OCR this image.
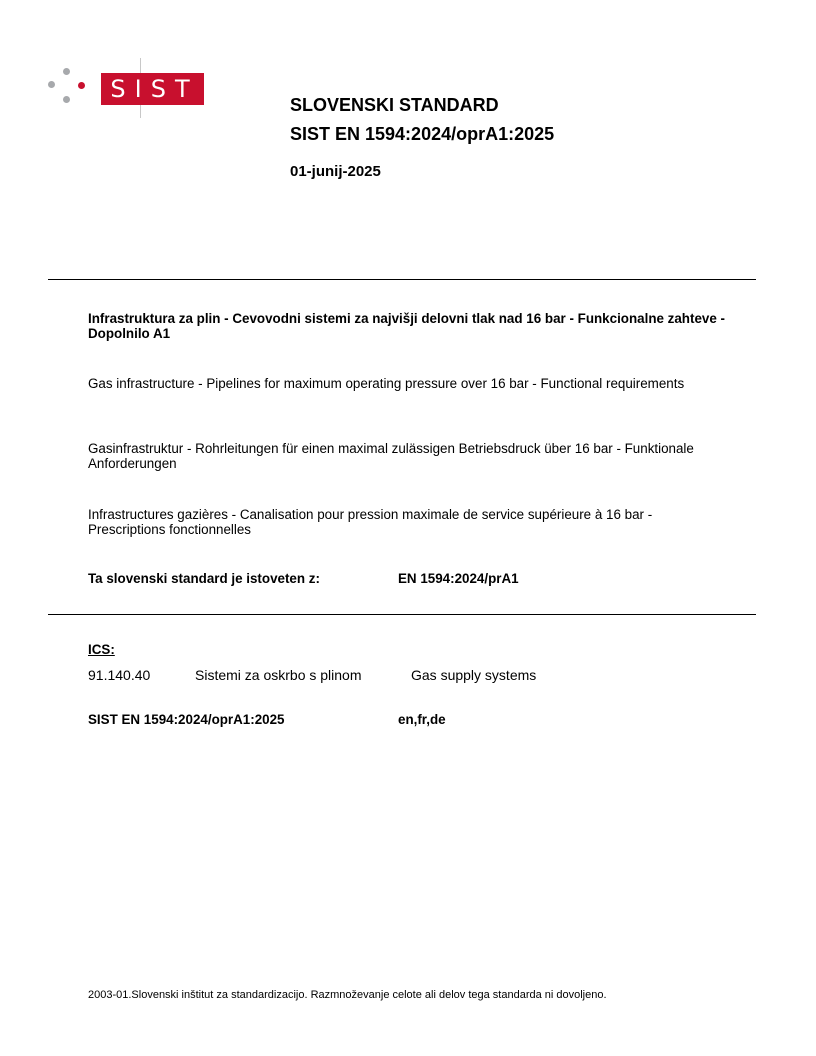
SIST
SLOVENSKI STANDARD
SIST EN 1594:2024/oprA1:2025
01-junij-2025
Infrastruktura za plin - Cevovodni sistemi za najvišji delovni tlak nad 16 bar - Funkcionalne zahteve - Dopolnilo A1
Gas infrastructure - Pipelines for maximum operating pressure over 16 bar - Functional requirements
Gasinfrastruktur - Rohrleitungen für einen maximal zulässigen Betriebsdruck über 16 bar - Funktionale Anforderungen
Infrastructures gazières - Canalisation pour pression maximale de service supérieure à 16 bar - Prescriptions fonctionnelles
Ta slovenski standard je istoveten z:	EN 1594:2024/prA1
ICS:
91.140.40	Sistemi za oskrbo s plinom	Gas supply systems
SIST EN 1594:2024/oprA1:2025	en,fr,de
2003-01.Slovenski inštitut za standardizacijo. Razmnoževanje celote ali delov tega standarda ni dovoljeno.
